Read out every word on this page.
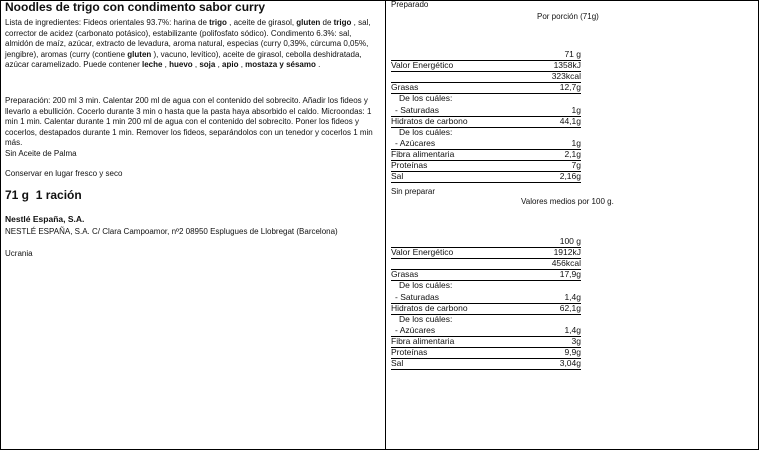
Noodles de trigo con condimento sabor curry
Lista de ingredientes: Fideos orientales 93.7%: harina de trigo , aceite de girasol, gluten de trigo , sal, corrector de acidez (carbonato potásico), estabilizante (polifosfato sódico). Condimento 6.3%: sal, almidón de maíz, azúcar, extracto de levadura, aroma natural, especias (curry 0,39%, cúrcuma 0,05%, jengibre), aromas (curry (contiene gluten ), vacuno, levítico), aceite de girasol, cebolla deshidratada, azúcar caramelizado. Puede contener leche , huevo , soja , apio , mostaza y sésamo .
Preparación: 200 ml 3 min. Calentar 200 ml de agua con el contenido del sobrecito. Añadir los fideos y llevarlo a ebullición. Cocerlo durante 3 min o hasta que la pasta haya absorbido el caldo. Microondas: 1 min 1 min. Calentar durante 1 min 200 ml de agua con el contenido del sobrecito. Poner los fideos y cocerlos, destapados durante 1 min. Remover los fideos, separándolos con un tenedor y cocerlos 1 min más.
Sin Aceite de Palma
Conservar en lugar fresco y seco
71 g 1 ración
Nestlé España, S.A.
NESTLÉ ESPAÑA, S.A. C/ Clara Campoamor, nº2 08950 Esplugues de Llobregat (Barcelona)
Ucrania
Preparado
Por porción (71g)
71 g
Valor Energético	1358kJ
323kcal
Grasas	12,7g
De los cuáles:
- Saturadas	1g
Hidratos de carbono	44,1g
De los cuáles:
- Azúcares	1g
Fibra alimentaria	2,1g
Proteínas	7g
Sal	2,16g
Sin preparar
Valores medios por 100 g.
100 g
Valor Energético	1912kJ
456kcal
Grasas	17,9g
De los cuáles:
- Saturadas	1,4g
Hidratos de carbono	62,1g
De los cuáles:
- Azúcares	1,4g
Fibra alimentaria	3g
Proteínas	9,9g
Sal	3,04g
